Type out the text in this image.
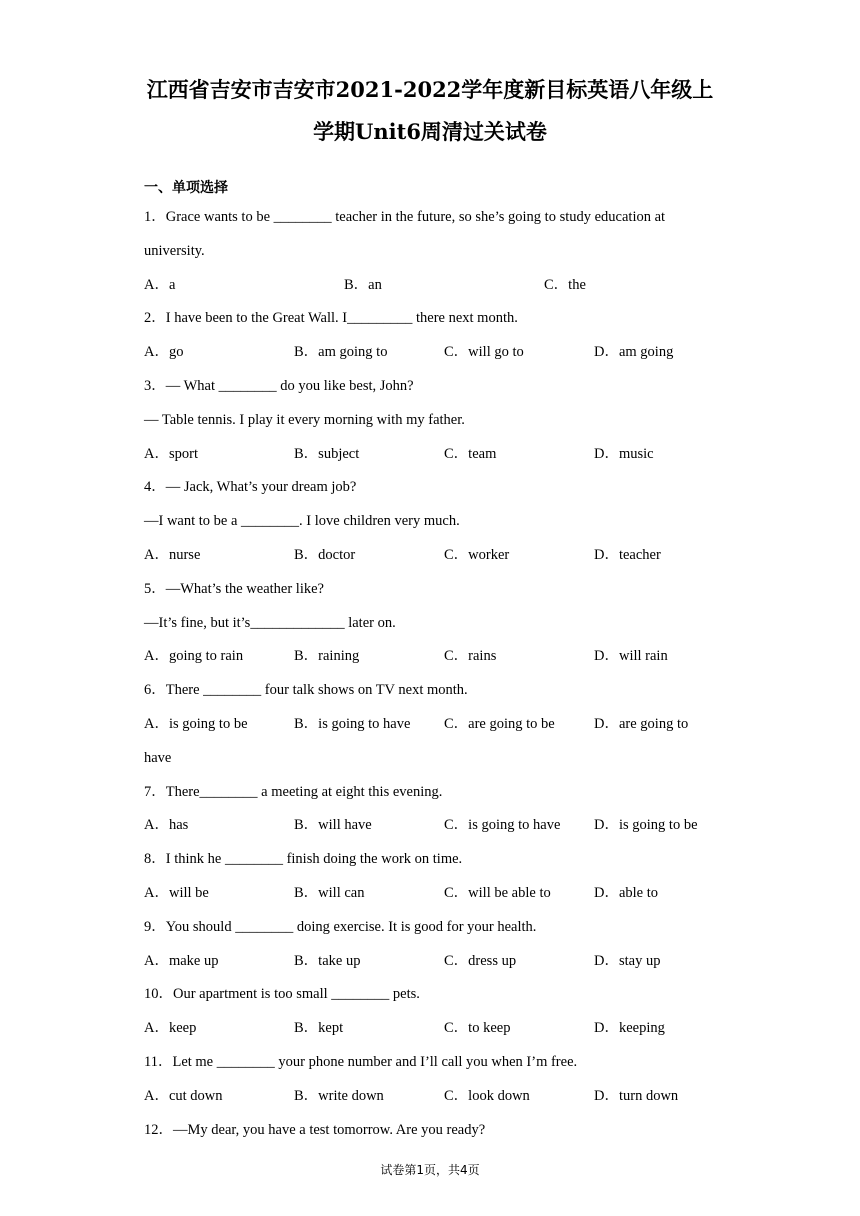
江西省吉安市吉安市2021-2022学年度新目标英语八年级上
学期Unit6周清过关试卷
一、单项选择
1．Grace wants to be ________ teacher in the future, so she’s going to study education at
university.
A．a	B．an	C．the
2．I have been to the Great Wall. I_________ there next month.
A．go	B．am going to	C．will go to	D．am going
3．— What ________ do you like best, John?
— Table tennis. I play it every morning with my father.
A．sport	B．subject	C．team	D．music
4．— Jack, What’s your dream job?
—I want to be a ________. I love children very much.
A．nurse	B．doctor	C．worker	D．teacher
5．—What’s the weather like?
—It’s fine, but it’s_____________ later on.
A．going to rain	B．raining	C．rains	D．will rain
6．There ________ four talk shows on TV next month.
A．is going to be	B．is going to have C．are going to be	D．are going to
have
7．There________ a meeting at eight this evening.
A．has	B．will have	C．is going to have D．is going to be
8．I think he ________ finish doing the work on time.
A．will be	B．will can	C．will be able to	D．able to
9．You should ________ doing exercise. It is good for your health.
A．make up	B．take up	C．dress up	D．stay up
10．Our apartment is too small ________ pets.
A．keep	B．kept	C．to keep	D．keeping
11．Let me ________ your phone number and I’ll call you when I’m free.
A．cut down	B．write down	C．look down	D．turn down
12．—My dear, you have a test tomorrow. Are you ready?
试卷第1页，共4页
